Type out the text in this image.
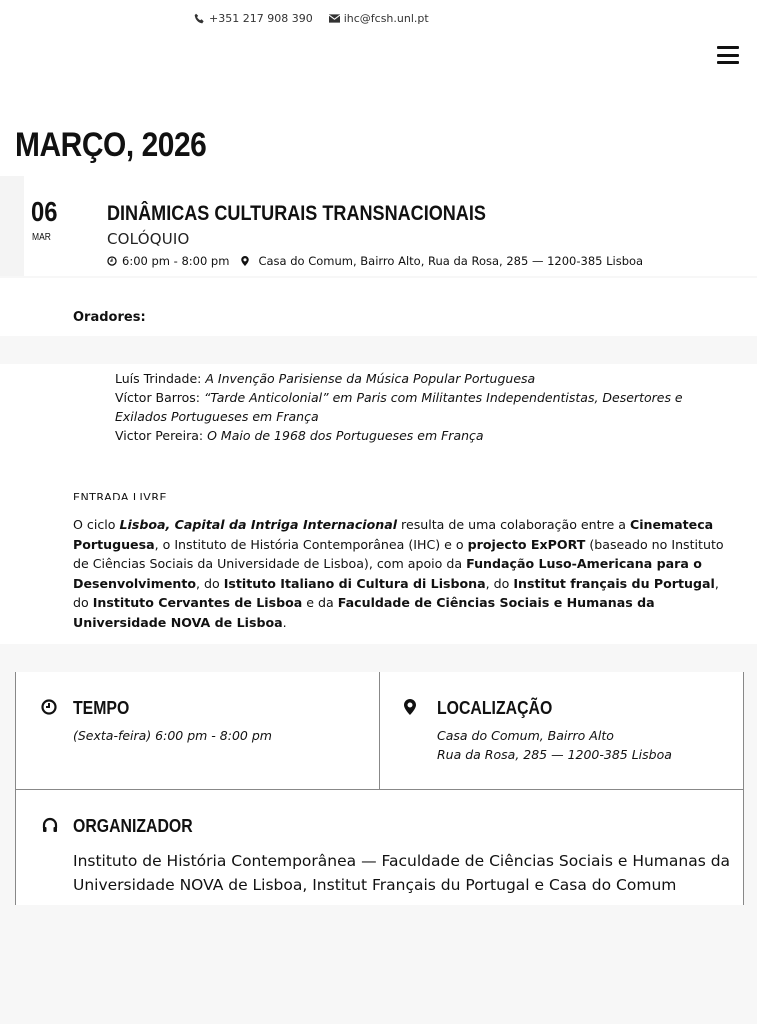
+351 217 908 390	ihc@fcsh.unl.pt
MARÇO, 2026
06
MAR
DINÂMICAS CULTURAIS TRANSNACIONAIS
COLÓQUIO
6:00 pm - 8:00 pm	Casa do Comum, Bairro Alto, Rua da Rosa, 285 — 1200-385 Lisboa
Oradores:
Luís Trindade: A Invenção Parisiense da Música Popular Portuguesa
Víctor Barros: “Tarde Anticolonial” em Paris com Militantes Independentistas, Desertores e Exilados Portugueses em França
Victor Pereira: O Maio de 1968 dos Portugueses em França
ENTRADA LIVRE
O ciclo Lisboa, Capital da Intriga Internacional resulta de uma colaboração entre a Cinemateca Portuguesa, o Instituto de História Contemporânea (IHC) e o projecto ExPORT (baseado no Instituto de Ciências Sociais da Universidade de Lisboa), com apoio da Fundação Luso-Americana para o Desenvolvimento, do Istituto Italiano di Cultura di Lisbona, do Institut français du Portugal, do Instituto Cervantes de Lisboa e da Faculdade de Ciências Sociais e Humanas da Universidade NOVA de Lisboa.
TEMPO
(Sexta-feira) 6:00 pm - 8:00 pm
LOCALIZAÇÃO
Casa do Comum, Bairro Alto
Rua da Rosa, 285 — 1200-385 Lisboa
ORGANIZADOR
Instituto de História Contemporânea — Faculdade de Ciências Sociais e Humanas da Universidade NOVA de Lisboa, Institut Français du Portugal e Casa do Comum
